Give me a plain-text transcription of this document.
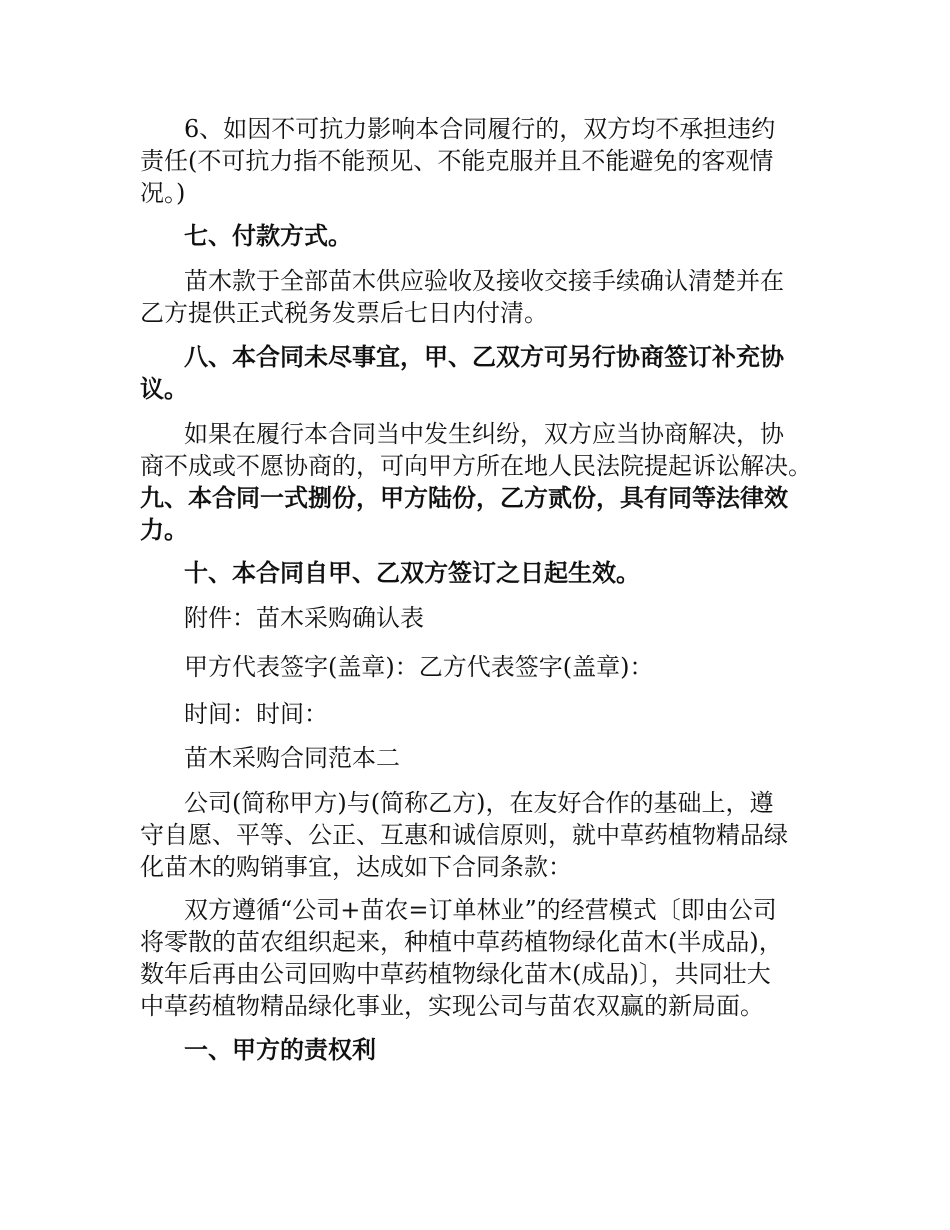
6、如因不可抗力影响本合同履行的，双方均不承担违约
责任(不可抗力指不能预见、不能克服并且不能避免的客观情
况。)

七、付款方式。

苗木款于全部苗木供应验收及接收交接手续确认清楚并在
乙方提供正式税务发票后七日内付清。

八、本合同未尽事宜，甲、乙双方可另行协商签订补充协
议。

如果在履行本合同当中发生纠纷，双方应当协商解决，协
商不成或不愿协商的，可向甲方所在地人民法院提起诉讼解决。

九、本合同一式捌份，甲方陆份，乙方贰份，具有同等法律效
力。

十、本合同自甲、乙双方签订之日起生效。

附件：苗木采购确认表

甲方代表签字(盖章)：乙方代表签字(盖章)：

时间：时间：

苗木采购合同范本二

公司(简称甲方)与(简称乙方)，在友好合作的基础上，遵
守自愿、平等、公正、互惠和诚信原则，就中草药植物精品绿
化苗木的购销事宜，达成如下合同条款：

双方遵循“公司+苗农=订单林业”的经营模式〔即由公司
将零散的苗农组织起来，种植中草药植物绿化苗木(半成品)，
数年后再由公司回购中草药植物绿化苗木(成品)〕，共同壮大
中草药植物精品绿化事业，实现公司与苗农双赢的新局面。

一、甲方的责权利
